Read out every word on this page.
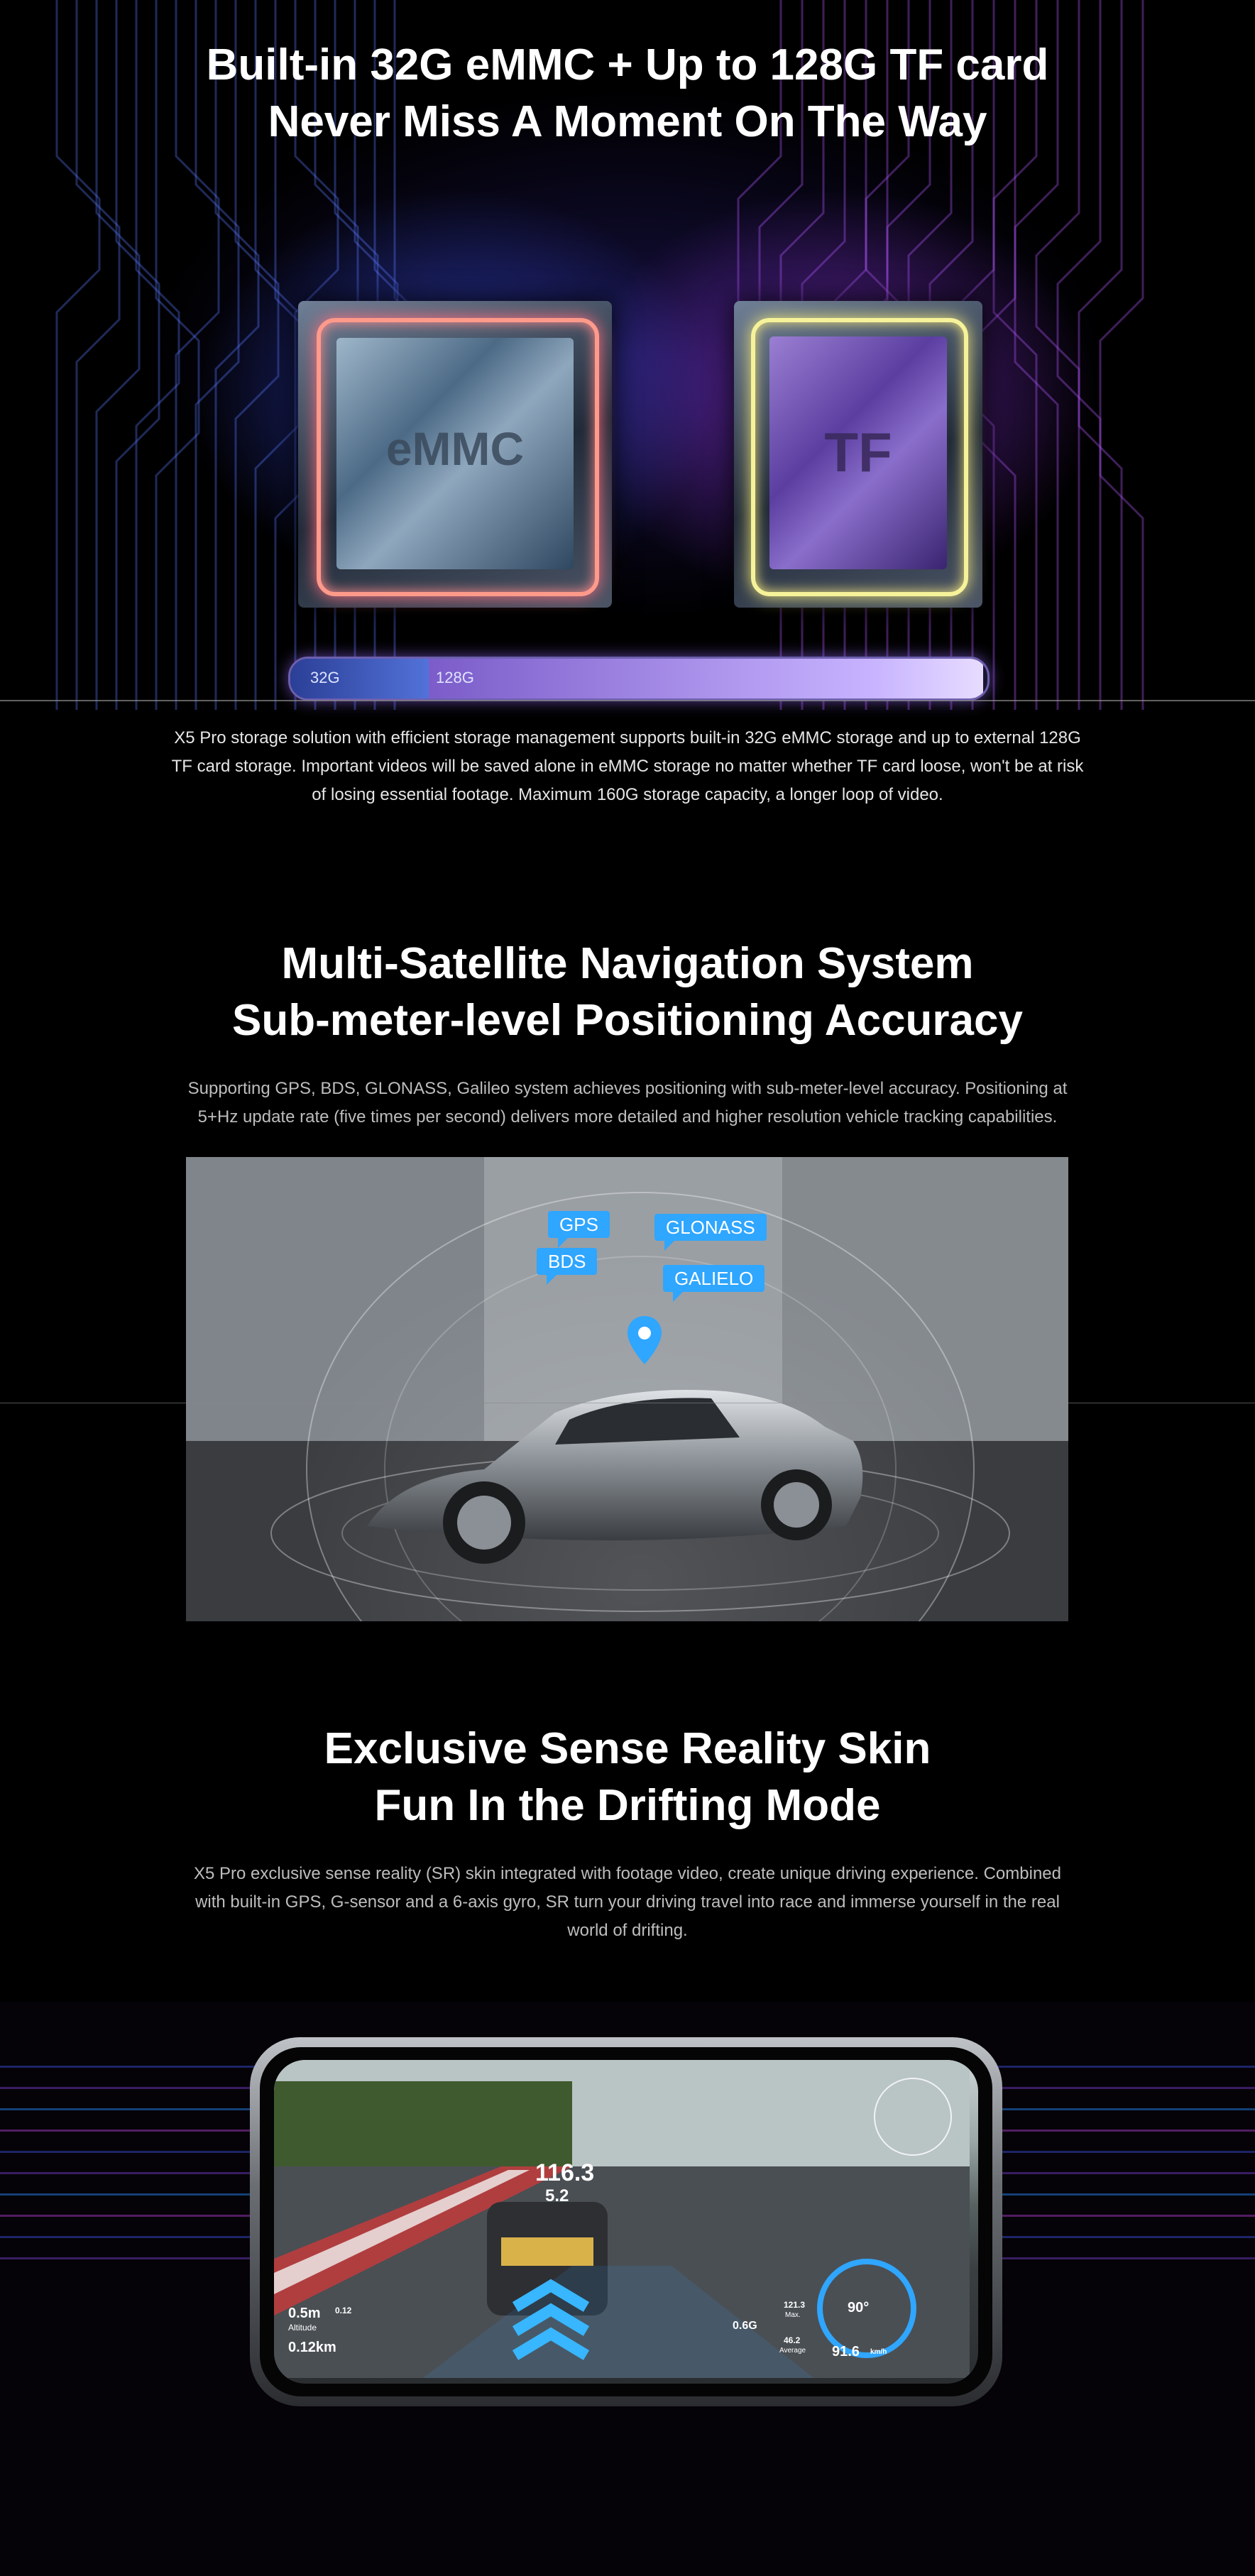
Built-in 32G eMMC + Up to 128G TF card
Never Miss A Moment On The Way
eMMC	TF
32G	128G
X5 Pro storage solution with efficient storage management supports built-in 32G eMMC storage and up to external 128G TF card storage. Important videos will be saved alone in eMMC storage no matter whether TF card loose, won't be at risk of losing essential footage. Maximum 160G storage capacity, a longer loop of video.
Multi-Satellite Navigation System
Sub-meter-level Positioning Accuracy
Supporting GPS, BDS, GLONASS, Galileo system achieves positioning with sub-meter-level accuracy. Positioning at 5+Hz update rate (five times per second) delivers more detailed and higher resolution vehicle tracking capabilities.
GPS
BDS
GLONASS
GALIELO
Exclusive Sense Reality Skin
Fun In the Drifting Mode
X5 Pro exclusive sense reality (SR) skin integrated with footage video, create unique driving experience. Combined with built-in GPS, G-sensor and a 6-axis gyro, SR turn your driving travel into race and immerse yourself in the real world of drifting.
116.3
5.2
0.5m 0.12
Altitude
0.12km
0.6G
121.3
Max.
46.2
Average
90°
91.6 km/h
